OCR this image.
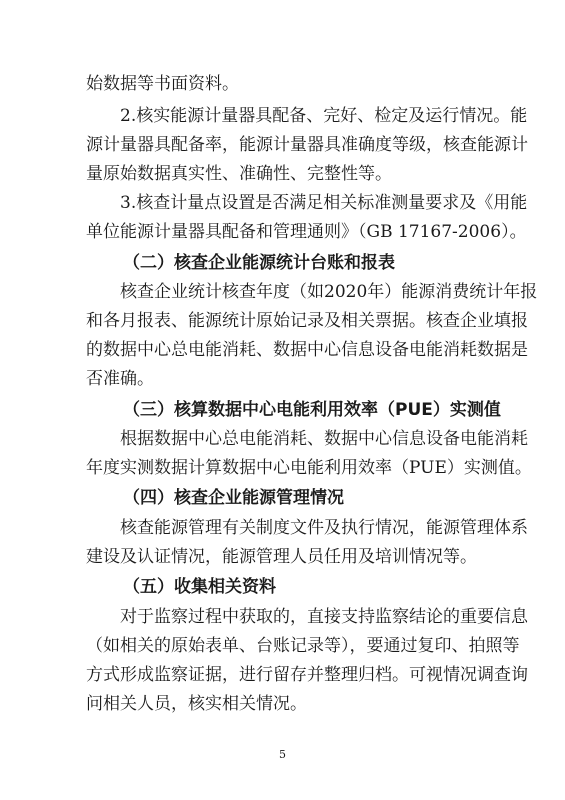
始数据等书面资料。
2.核实能源计量器具配备、完好、检定及运行情况。能
源计量器具配备率，能源计量器具准确度等级，核查能源计
量原始数据真实性、准确性、完整性等。
3.核查计量点设置是否满足相关标准测量要求及《用能
单位能源计量器具配备和管理通则》（GB 17167-2006）。
（二）核查企业能源统计台账和报表
核查企业统计核查年度（如2020年）能源消费统计年报
和各月报表、能源统计原始记录及相关票据。核查企业填报
的数据中心总电能消耗、数据中心信息设备电能消耗数据是
否准确。
（三）核算数据中心电能利用效率（PUE）实测值
根据数据中心总电能消耗、数据中心信息设备电能消耗
年度实测数据计算数据中心电能利用效率（PUE）实测值。
（四）核查企业能源管理情况
核查能源管理有关制度文件及执行情况，能源管理体系
建设及认证情况，能源管理人员任用及培训情况等。
（五）收集相关资料
对于监察过程中获取的，直接支持监察结论的重要信息
（如相关的原始表单、台账记录等），要通过复印、拍照等
方式形成监察证据，进行留存并整理归档。可视情况调查询
问相关人员，核实相关情况。
5
